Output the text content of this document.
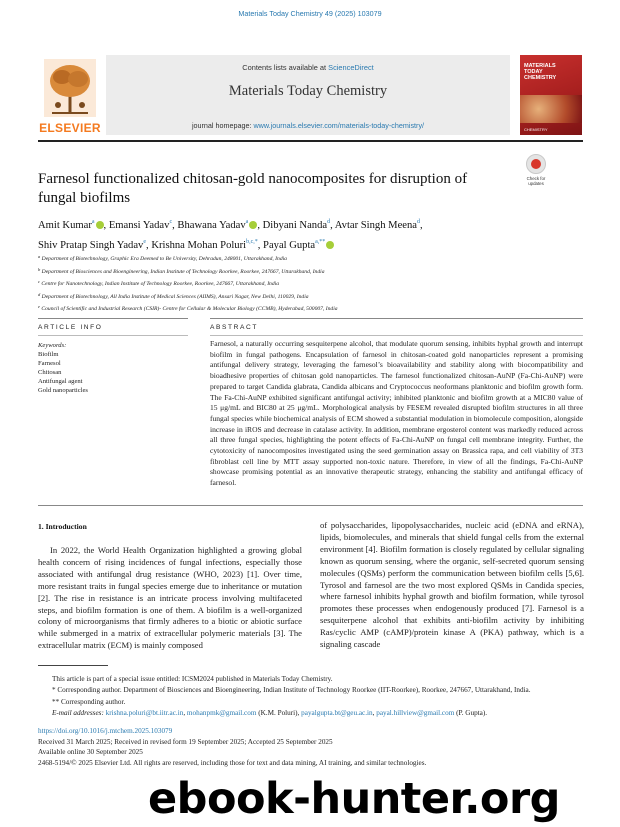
Materials Today Chemistry 49 (2025) 103079
ELSEVIER
Contents lists available at ScienceDirect
Materials Today Chemistry
journal homepage: www.journals.elsevier.com/materials-today-chemistry/
MATERIALS
TODAY
CHEMISTRY
CHEMISTRY
Farnesol functionalized chitosan-gold nanocomposites for disruption of fungal biofilms
Check for
updates
Amit Kumar$^a$ , Emansi Yadav$^c$, Bhawana Yadav$^a$ , Dibyani Nanda$^d$, Avtar Singh Meena$^d$,
Shiv Pratap Singh Yadav$^e$, Krishna Mohan Poluri$^{b,c,*}$, Payal Gupta$^{a,**}$
$^a$ Department of Biotechnology, Graphic Era Deemed to Be University, Dehradun, 248001, Uttarakhand, India
$^b$ Department of Biosciences and Bioengineering, Indian Institute of Technology Roorkee, Roorkee, 247667, Uttarakhand, India
$^c$ Centre for Nanotechnology, Indian Institute of Technology Roorkee, Roorkee, 247667, Uttarakhand, India
$^d$ Department of Biotechnology, All India Institute of Medical Sciences (AIIMS), Ansari Nagar, New Delhi, 110029, India
$^e$ Council of Scientific and Industrial Research (CSIR)- Centre for Cellular & Molecular Biology (CCMB), Hyderabad, 500007, India
ARTICLE INFO	ABSTRACT
Keywords:
Biofilm
Farnesol
Chitosan
Antifungal agent
Gold nanoparticles
Farnesol, a naturally occurring sesquiterpene alcohol, that modulate quorum sensing, inhibits hyphal growth and interrupt biofilm in fungal pathogens. Encapsulation of farnesol in chitosan-coated gold nanoparticles represent a promising antifungal delivery strategy, leveraging the farnesol’s bioavailability and stability along with biocompatibility and bioadhesive properties of chitosan gold nanoparticles. The farnesol functionalized chitosan-AuNP (Fa-Chi-AuNP) were prepared to target Candida glabrata, Candida albicans and Cryptococcus neoformans planktonic and biofilm growth form. The Fa-Chi-AuNP exhibited significant antifungal activity; inhibited planktonic and biofilm growth at a MIC80 value of 15 μg/mL and BIC80 at 25 μg/mL. Morphological analysis by FESEM revealed disrupted biofilm structures in all three fungal species while biochemical analysis of ECM showed a substantial modulation in biomolecule composition, alongside increase in iROS and decrease in catalase activity. In addition, membrane ergosterol content was markedly reduced across all three fungal species, highlighting the potent effects of Fa-Chi-AuNP on fungal cell membrane integrity. Further, the cytotoxicity of nanocomposites investigated using the seed germination assay on Brassica rapa, and cell viability of 3T3 fibroblast cell line by MTT assay supported non-toxic nature. Therefore, in view of all the findings, Fa-Chi-AuNP showcase promising potential as an innovative therapeutic strategy, enhancing the stability and antifungal efficacy of farnesol.
1. Introduction
In 2022, the World Health Organization highlighted a growing global health concern of rising incidences of fungal infections, especially those associated with antifungal drug resistance (WHO, 2023) [1]. Over time, more resistant traits in fungal species emerge due to inheritance or mutation [2]. The rise in resistance is an intricate process involving multifaceted steps, and biofilm formation is one of them. A biofilm is a well-organized colony of microorganisms that firmly adheres to a biotic or abiotic surface while submerged in a matrix of extracellular polymeric materials [3]. The extracellular matrix (ECM) is mainly composed
of polysaccharides, lipopolysaccharides, nucleic acid (eDNA and eRNA), lipids, biomolecules, and minerals that shield fungal cells from the external environment [4]. Biofilm formation is closely regulated by cellular signaling known as quorum sensing, where the organic, self-secreted quorum sensing molecules (QSMs) perform the communication between biofilm cells [5,6]. Tyrosol and farnesol are the two most explored QSMs in Candida species, where farnesol inhibits hyphal growth and biofilm formation, while tyrosol promotes these processes when endogenously produced [7]. Farnesol is a sesquiterpene alcohol that exhibits anti-biofilm activity by inhibiting Ras/cyclic AMP (cAMP)/protein kinase A (PKA) pathway, which is a signaling cascade
This article is part of a special issue entitled: ICSM2024 published in Materials Today Chemistry.
* Corresponding author. Department of Biosciences and Bioengineering, Indian Institute of Technology Roorkee (IIT-Roorkee), Roorkee, 247667, Uttarakhand, India.
** Corresponding author.
E-mail addresses: krishna.poluri@bt.iitr.ac.in, mohanpmk@gmail.com (K.M. Poluri), payalgupta.bt@geu.ac.in, payal.hillview@gmail.com (P. Gupta).
https://doi.org/10.1016/j.mtchem.2025.103079
Received 31 March 2025; Received in revised form 19 September 2025; Accepted 25 September 2025
Available online 30 September 2025
2468-5194/© 2025 Elsevier Ltd. All rights are reserved, including those for text and data mining, AI training, and similar technologies.
ebook-hunter.org
